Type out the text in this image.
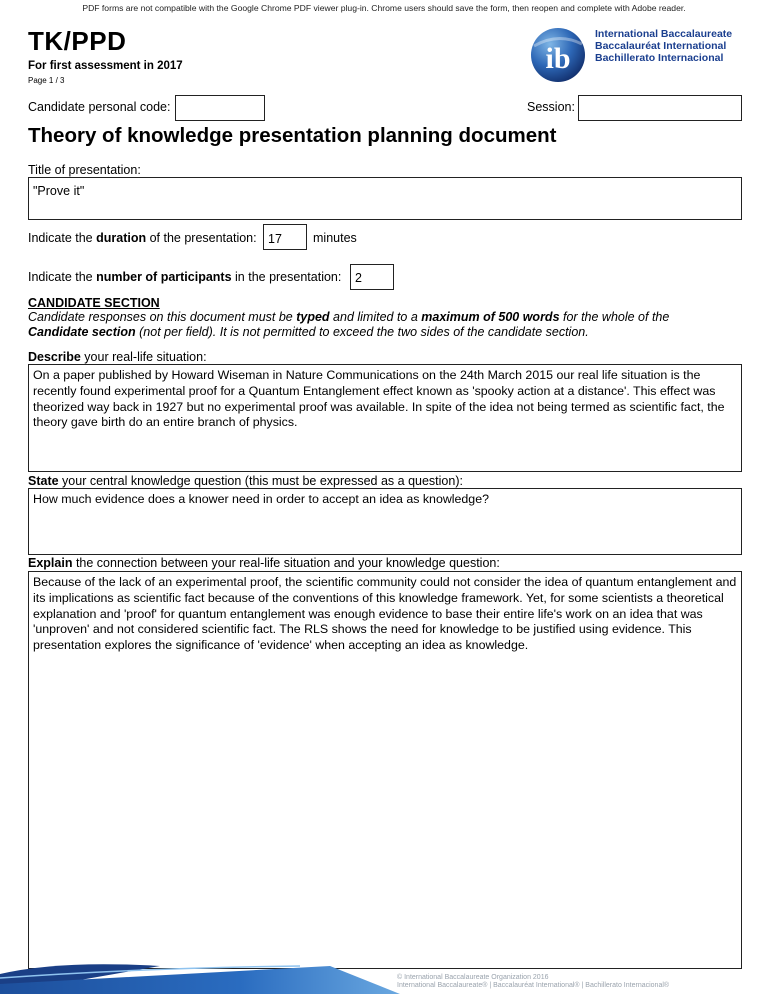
PDF forms are not compatible with the Google Chrome PDF viewer plug-in. Chrome users should save the form, then reopen and complete with Adobe reader.
TK/PPD
For first assessment in 2017
Page 1 / 3
ib
International Baccalaureate
Baccalauréat International
Bachillerato Internacional
Candidate personal code:	Session:
Theory of knowledge presentation planning document
Title of presentation:
"Prove it"
Indicate the duration of the presentation: 17	minutes
Indicate the number of participants in the presentation:	2
CANDIDATE SECTION
Candidate responses on this document must be typed and limited to a maximum of 500 words for the whole of the Candidate section (not per field). It is not permitted to exceed the two sides of the candidate section.
Describe your real-life situation:
On a paper published by Howard Wiseman in Nature Communications on the 24th March 2015 our real life situation is the recently found experimental proof for a Quantum Entanglement effect known as 'spooky action at a distance'. This effect was theorized way back in 1927 but no experimental proof was available. In spite of the idea not being termed as scientific fact, the theory gave birth do an entire branch of physics.
State your central knowledge question (this must be expressed as a question):
How much evidence does a knower need in order to accept an idea as knowledge?
Explain the connection between your real-life situation and your knowledge question:
Because of the lack of an experimental proof, the scientific community could not consider the idea of quantum entanglement and its implications as scientific fact because of the conventions of this knowledge framework. Yet, for some scientists a theoretical explanation and 'proof' for quantum entanglement was enough evidence to base their entire life's work on an idea that was 'unproven' and not considered scientific fact. The RLS shows the need for knowledge to be justified using evidence. This presentation explores the significance of 'evidence' when accepting an idea as knowledge.
© International Baccalaureate Organization 2016
International Baccalaureate® | Baccalauréat International® | Bachillerato Internacional®
